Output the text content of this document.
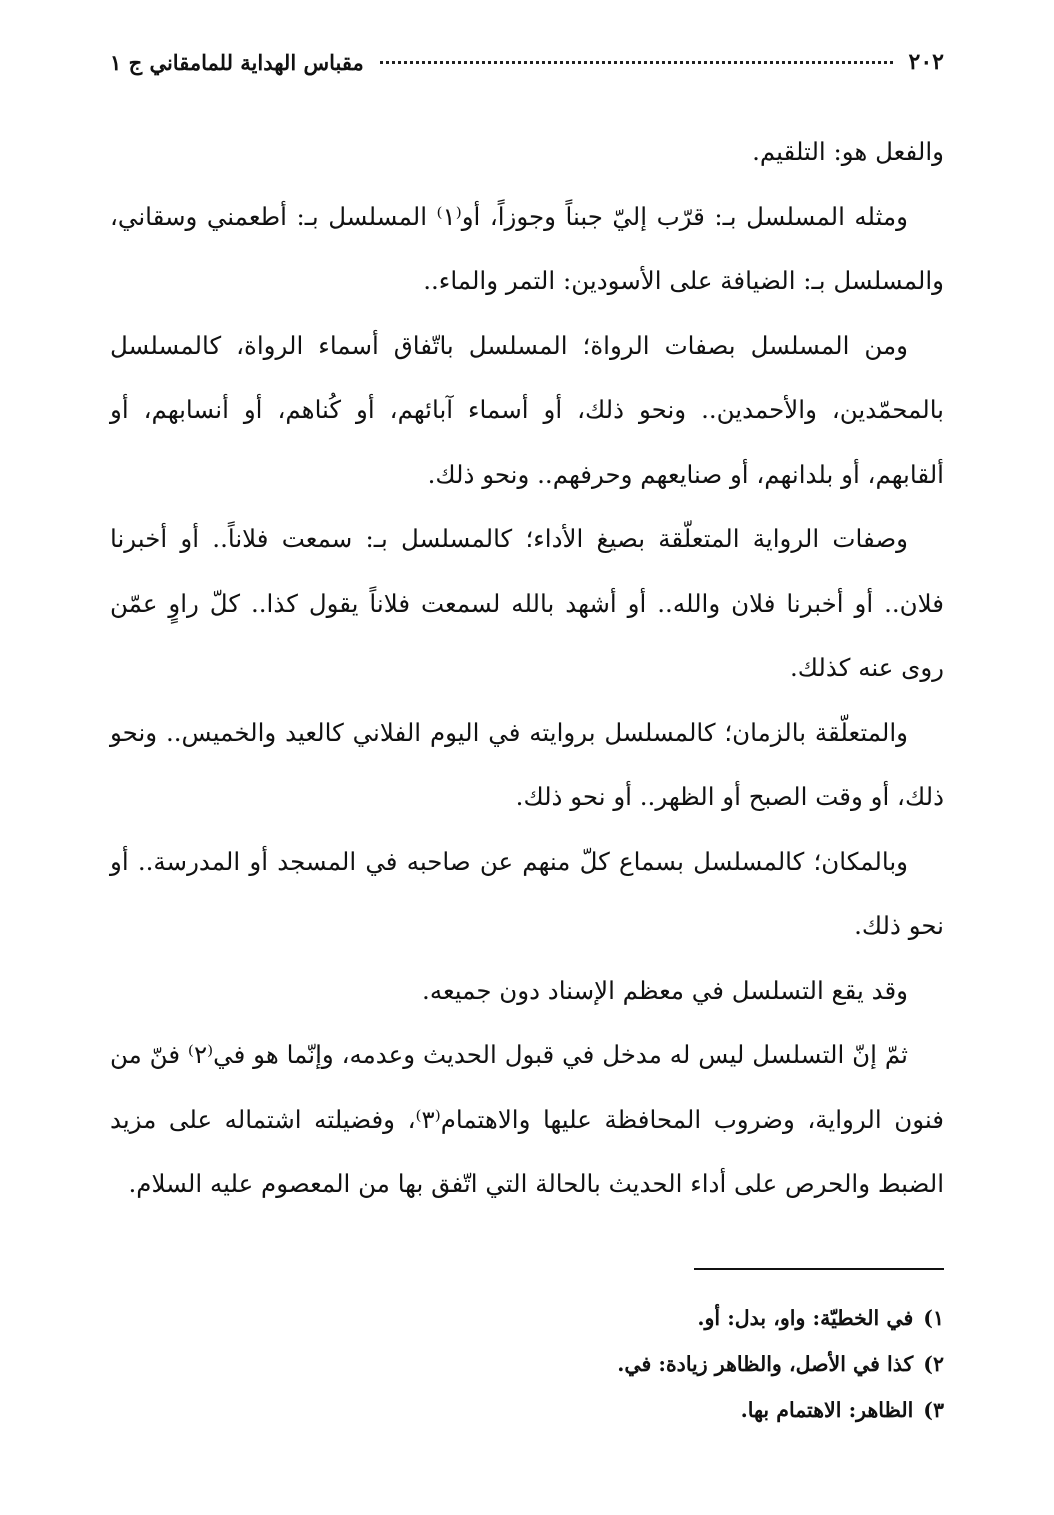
٢٠٢
مقباس الهداية للمامقاني ج ١

والفعل هو: التلقيم.

ومثله المسلسل بـ: قرّب إليّ جبناً وجوزاً، أو⁽١⁾ المسلسل بـ: أطعمني وسقاني، والمسلسل بـ: الضيافة على الأسودين: التمر والماء..

ومن المسلسل بصفات الرواة؛ المسلسل باتّفاق أسماء الرواة، كالمسلسل بالمحمّدين، والأحمدين.. ونحو ذلك، أو أسماء آبائهم، أو كُناهم، أو أنسابهم، أو ألقابهم، أو بلدانهم، أو صنايعهم وحرفهم.. ونحو ذلك.

وصفات الرواية المتعلّقة بصيغ الأداء؛ كالمسلسل بـ: سمعت فلاناً.. أو أخبرنا فلان.. أو أخبرنا فلان والله.. أو أشهد بالله لسمعت فلاناً يقول كذا.. كلّ راوٍ عمّن روى عنه كذلك.

والمتعلّقة بالزمان؛ كالمسلسل بروايته في اليوم الفلاني كالعيد والخميس.. ونحو ذلك، أو وقت الصبح أو الظهر.. أو نحو ذلك.

وبالمكان؛ كالمسلسل بسماع كلّ منهم عن صاحبه في المسجد أو المدرسة.. أو نحو ذلك.

وقد يقع التسلسل في معظم الإسناد دون جميعه.

ثمّ إنّ التسلسل ليس له مدخل في قبول الحديث وعدمه، وإنّما هو في⁽٢⁾ فنّ من فنون الرواية، وضروب المحافظة عليها والاهتمام⁽٣⁾، وفضيلته اشتماله على مزيد الضبط والحرص على أداء الحديث بالحالة التي اتّفق بها من المعصوم عليه السلام.

١)
في الخطيّة: واو، بدل: أو.
٢)
كذا في الأصل، والظاهر زيادة: في.
٣)
الظاهر: الاهتمام بها.
